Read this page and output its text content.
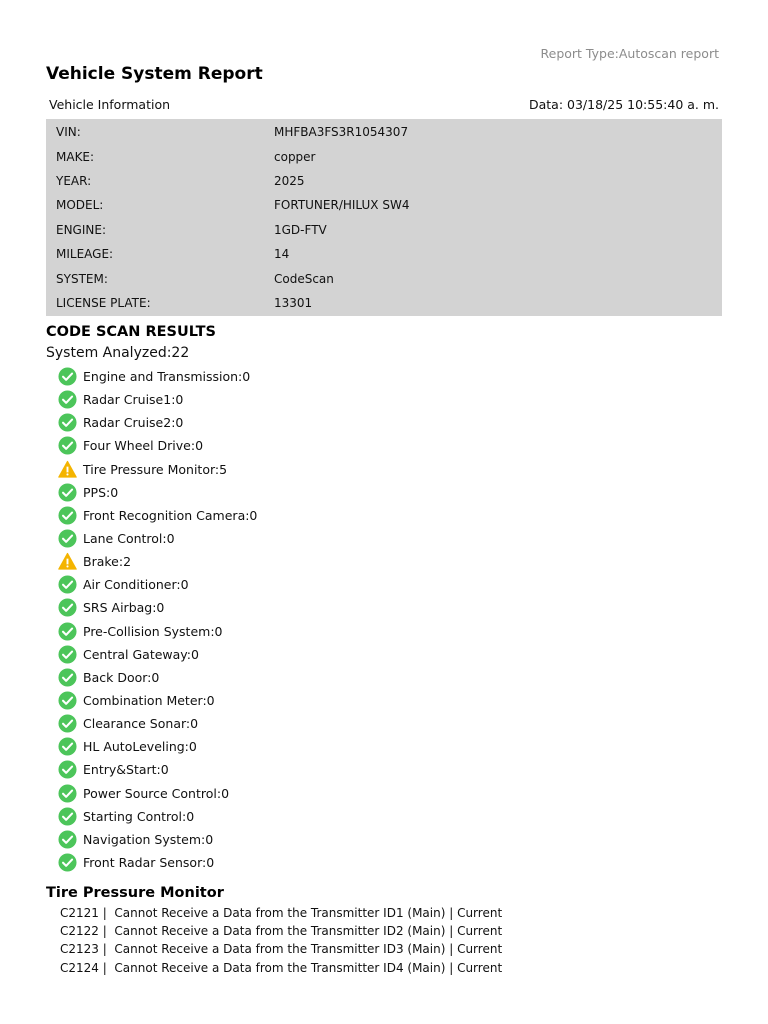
Report Type:Autoscan report
Vehicle System Report
Vehicle Information	Data: 03/18/25 10:55:40 a. m.
VIN:	MHFBA3FS3R1054307
MAKE:	copper
YEAR:	2025
MODEL:	FORTUNER/HILUX SW4
ENGINE:	1GD-FTV
MILEAGE:	14
SYSTEM:	CodeScan
LICENSE PLATE:	13301
CODE SCAN RESULTS
System Analyzed:22
Engine and Transmission:0
Radar Cruise1:0
Radar Cruise2:0
Four Wheel Drive:0
Tire Pressure Monitor:5
PPS:0
Front Recognition Camera:0
Lane Control:0
Brake:2
Air Conditioner:0
SRS Airbag:0
Pre-Collision System:0
Central Gateway:0
Back Door:0
Combination Meter:0
Clearance Sonar:0
HL AutoLeveling:0
Entry&Start:0
Power Source Control:0
Starting Control:0
Navigation System:0
Front Radar Sensor:0
Tire Pressure Monitor
C2121 |  Cannot Receive a Data from the Transmitter ID1 (Main) | Current
C2122 |  Cannot Receive a Data from the Transmitter ID2 (Main) | Current
C2123 |  Cannot Receive a Data from the Transmitter ID3 (Main) | Current
C2124 |  Cannot Receive a Data from the Transmitter ID4 (Main) | Current
